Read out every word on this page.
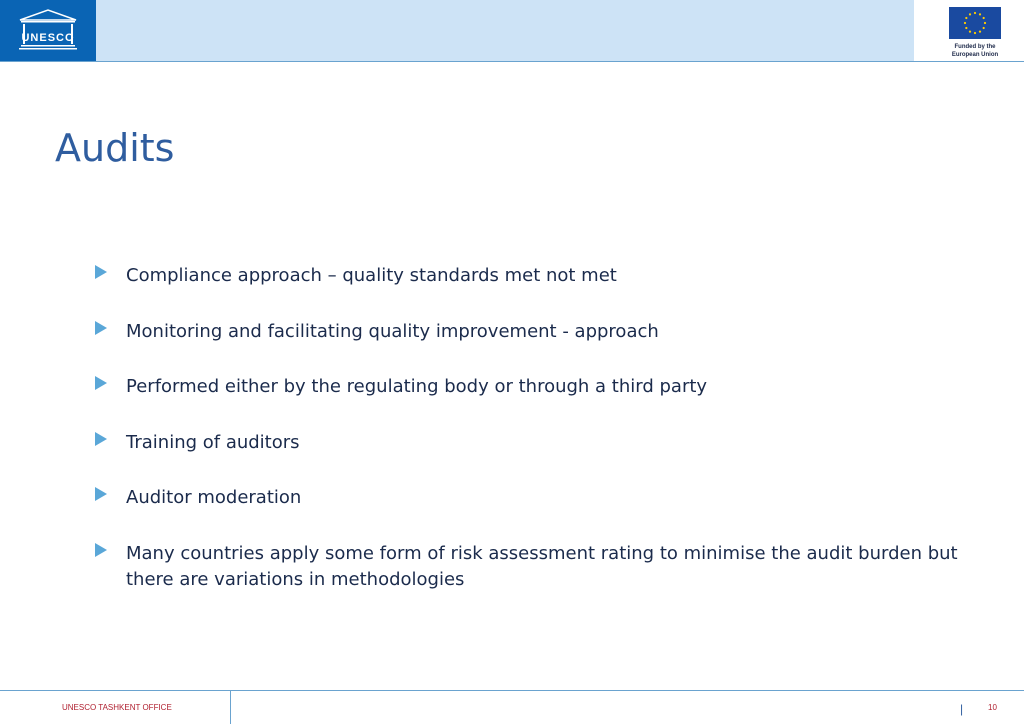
UNESCO
Funded by the
European Union
Audits
Compliance approach – quality standards met not met
Monitoring and facilitating quality improvement - approach
Performed either by the regulating body or through a third party
Training of auditors
Auditor moderation
Many countries apply some form of risk assessment rating to minimise the audit burden but there are variations in methodologies
UNESCO TASHKENT OFFICE	|	10
